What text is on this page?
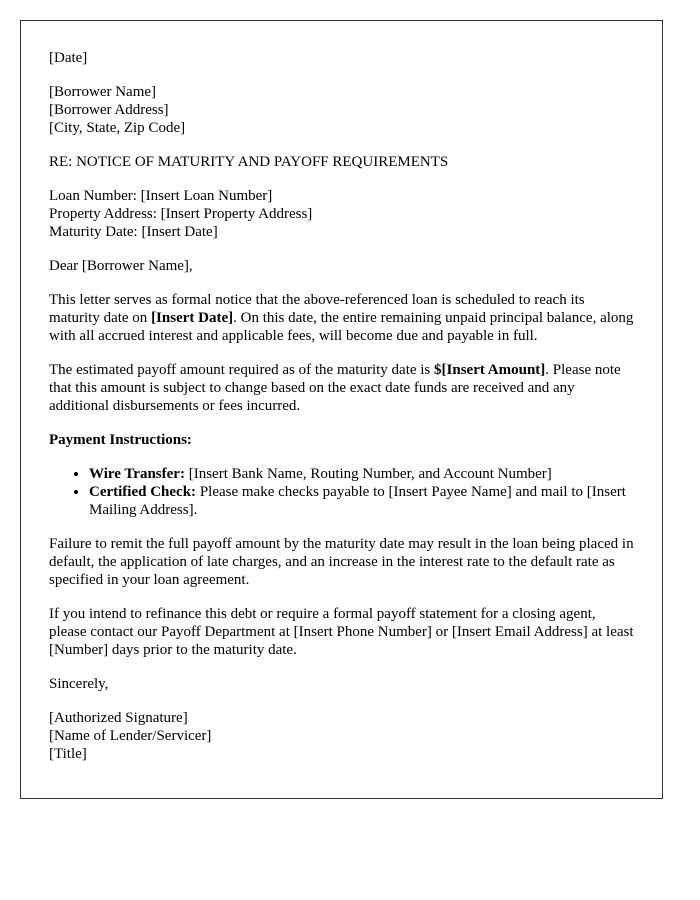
[Date]

[Borrower Name]
[Borrower Address]
[City, State, Zip Code]

RE: NOTICE OF MATURITY AND PAYOFF REQUIREMENTS

Loan Number: [Insert Loan Number]
Property Address: [Insert Property Address]
Maturity Date: [Insert Date]

Dear [Borrower Name],

This letter serves as formal notice that the above-referenced loan is scheduled to reach its maturity date on [Insert Date]. On this date, the entire remaining unpaid principal balance, along with all accrued interest and applicable fees, will become due and payable in full.

The estimated payoff amount required as of the maturity date is $[Insert Amount]. Please note that this amount is subject to change based on the exact date funds are received and any additional disbursements or fees incurred.

Payment Instructions:

• Wire Transfer: [Insert Bank Name, Routing Number, and Account Number]
• Certified Check: Please make checks payable to [Insert Payee Name] and mail to [Insert Mailing Address].

Failure to remit the full payoff amount by the maturity date may result in the loan being placed in default, the application of late charges, and an increase in the interest rate to the default rate as specified in your loan agreement.

If you intend to refinance this debt or require a formal payoff statement for a closing agent, please contact our Payoff Department at [Insert Phone Number] or [Insert Email Address] at least [Number] days prior to the maturity date.

Sincerely,

[Authorized Signature]
[Name of Lender/Servicer]
[Title]
